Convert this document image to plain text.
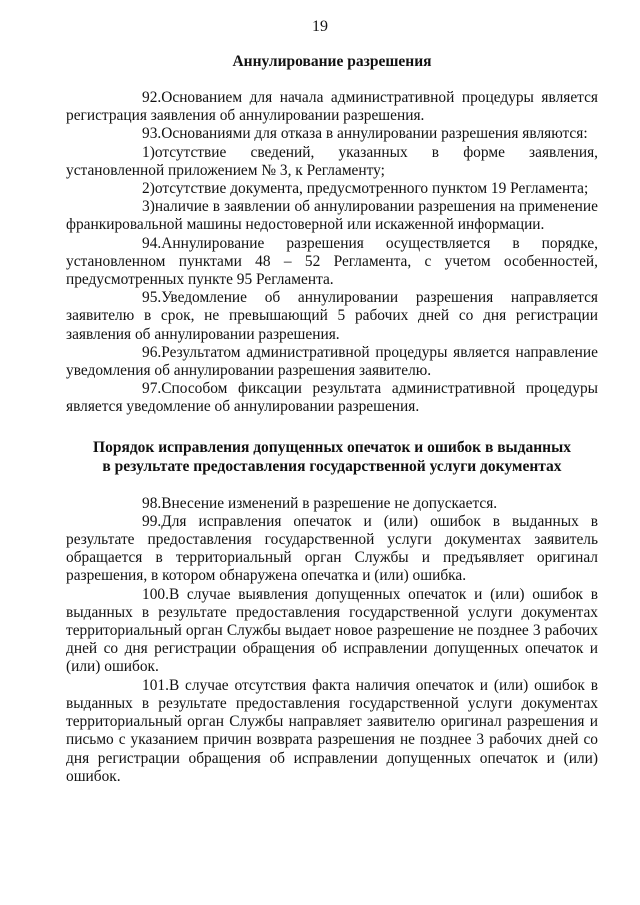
19
Аннулирование разрешения

92.Основанием для начала административной процедуры является регистрация заявления об аннулировании разрешения.

93.Основаниями для отказа в аннулировании разрешения являются:

1)отсутствие сведений, указанных в форме заявления, установленной приложением № 3, к Регламенту;

2)отсутствие документа, предусмотренного пунктом 19 Регламента;

3)наличие в заявлении об аннулировании разрешения на применение франкировальной машины недостоверной или искаженной информации.

94.Аннулирование разрешения осуществляется в порядке, установленном пунктами 48 – 52 Регламента, с учетом особенностей, предусмотренных пункте 95 Регламента.

95.Уведомление об аннулировании разрешения направляется заявителю в срок, не превышающий 5 рабочих дней со дня регистрации заявления об аннулировании разрешения.

96.Результатом административной процедуры является направление уведомления об аннулировании разрешения заявителю.

97.Способом фиксации результата административной процедуры является уведомление об аннулировании разрешения.

Порядок исправления допущенных опечаток и ошибок в выданных
в результате предоставления государственной услуги документах

98.Внесение изменений в разрешение не допускается.

99.Для исправления опечаток и (или) ошибок в выданных в результате предоставления государственной услуги документах заявитель обращается в территориальный орган Службы и предъявляет оригинал разрешения, в котором обнаружена опечатка и (или) ошибка.

100.В случае выявления допущенных опечаток и (или) ошибок в выданных в результате предоставления государственной услуги документах территориальный орган Службы выдает новое разрешение не позднее 3 рабочих дней со дня регистрации обращения об исправлении допущенных опечаток и (или) ошибок.

101.В случае отсутствия факта наличия опечаток и (или) ошибок в выданных в результате предоставления государственной услуги документах территориальный орган Службы направляет заявителю оригинал разрешения и письмо с указанием причин возврата разрешения не позднее 3 рабочих дней со дня регистрации обращения об исправлении допущенных опечаток и (или) ошибок.
